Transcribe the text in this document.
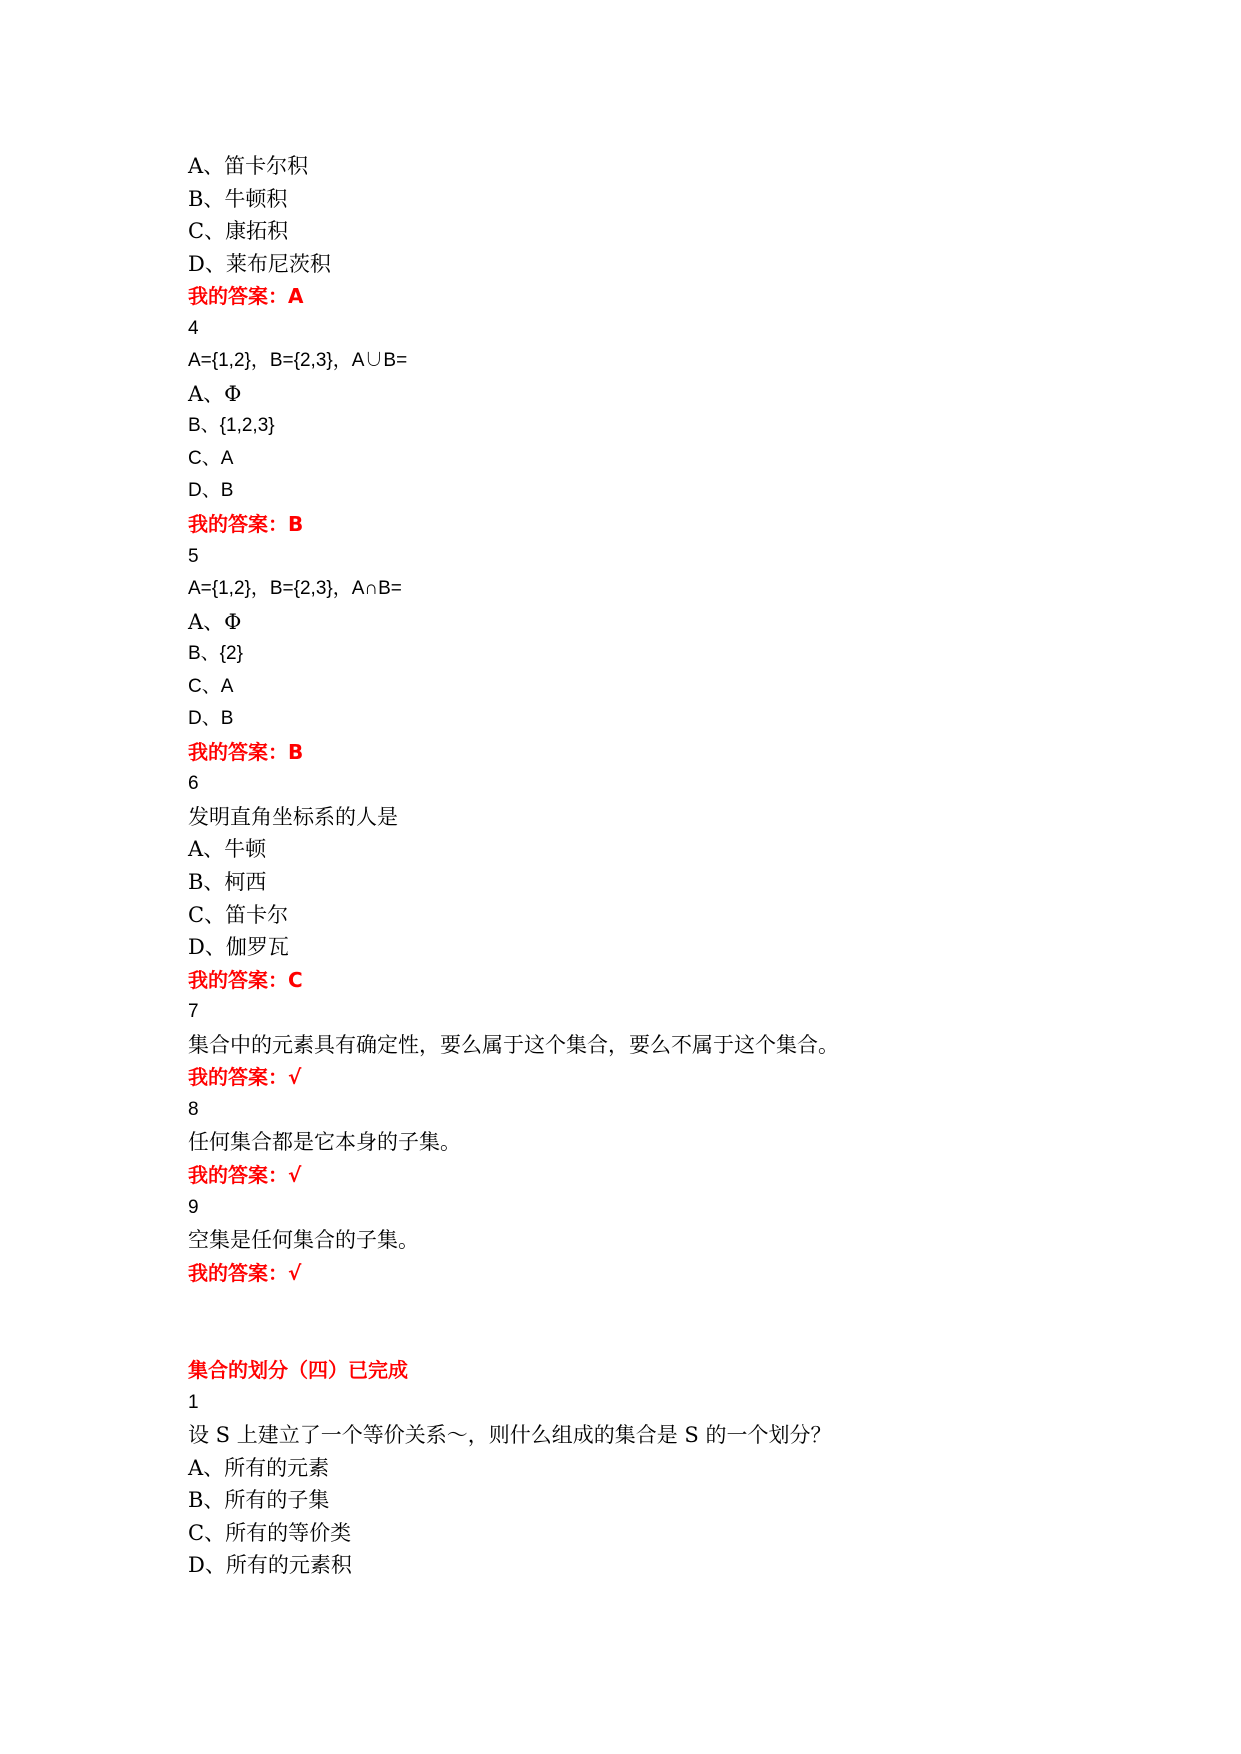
A、笛卡尔积
B、牛顿积
C、康拓积
D、莱布尼茨积
我的答案：A
4
A={1,2}，B={2,3}，A∪B=
A、Φ
B、{1,2,3}
C、A
D、B
我的答案：B
5
A={1,2}，B={2,3}，A∩B=
A、Φ
B、{2}
C、A
D、B
我的答案：B
6
发明直角坐标系的人是
A、牛顿
B、柯西
C、笛卡尔
D、伽罗瓦
我的答案：C
7
集合中的元素具有确定性，要么属于这个集合，要么不属于这个集合。
我的答案：√
8
任何集合都是它本身的子集。
我的答案：√
9
空集是任何集合的子集。
我的答案：√
集合的划分（四）已完成
1
设 S 上建立了一个等价关系～，则什么组成的集合是 S 的一个划分？
A、所有的元素
B、所有的子集
C、所有的等价类
D、所有的元素积
